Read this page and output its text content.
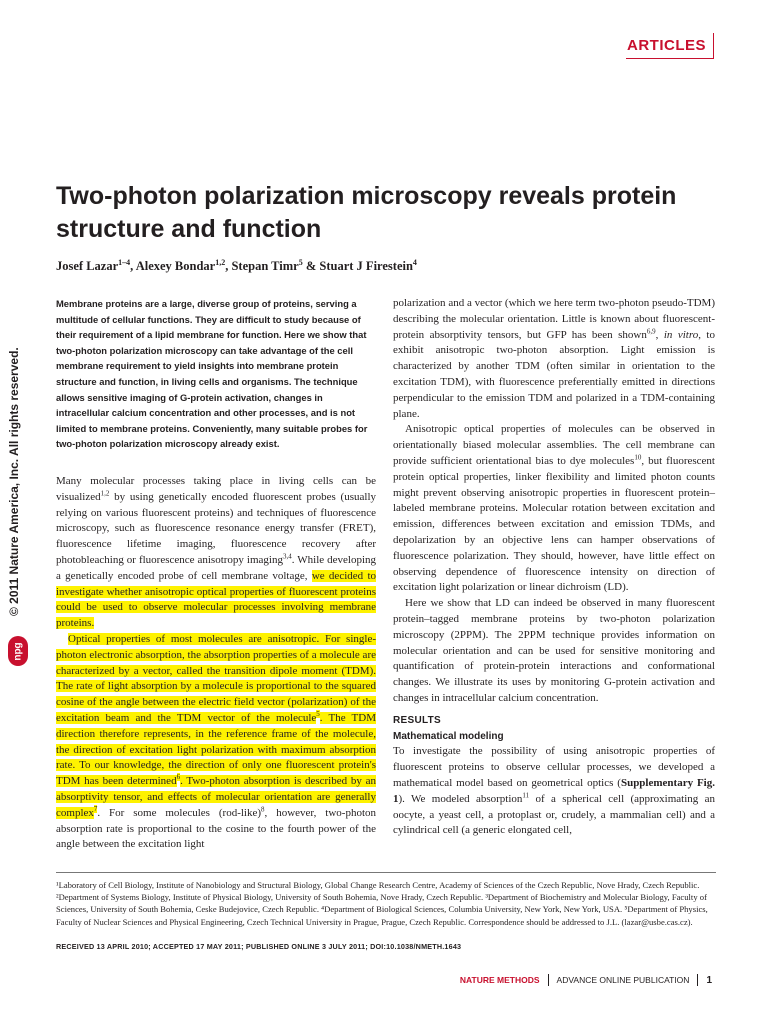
ARTICLES
© 2011 Nature America, Inc. All rights reserved.
npg
Two-photon polarization microscopy reveals protein structure and function
Josef Lazar$^{1-4}$, Alexey Bondar$^{1,2}$, Stepan Timr$^5$ & Stuart J Firestein$^4$

Membrane proteins are a large, diverse group of proteins, serving a multitude of cellular functions. They are difficult to study because of their requirement of a lipid membrane for function. Here we show that two-photon polarization microscopy can take advantage of the cell membrane requirement to yield insights into membrane protein structure and function, in living cells and organisms. The technique allows sensitive imaging of G-protein activation, changes in intracellular calcium concentration and other processes, and is not limited to membrane proteins. Conveniently, many suitable probes for two-photon polarization microscopy already exist.

Many molecular processes taking place in living cells can be visualized$^{1,2}$ by using genetically encoded fluorescent probes (usually relying on various fluorescent proteins) and techniques of fluorescence microscopy, such as fluorescence resonance energy transfer (FRET), fluorescence lifetime imaging, fluorescence recovery after photobleaching or fluorescence anisotropy imaging$^{3,4}$. While developing a genetically encoded probe of cell membrane voltage, we decided to investigate whether anisotropic optical properties of fluorescent proteins could be used to observe molecular processes involving membrane proteins.

Optical properties of most molecules are anisotropic. For single-photon electronic absorption, the absorption properties of a molecule are characterized by a vector, called the transition dipole moment (TDM). The rate of light absorption by a molecule is proportional to the squared cosine of the angle between the electric field vector (polarization) of the excitation beam and the TDM vector of the molecule$^5$. The TDM direction therefore represents, in the reference frame of the molecule, the direction of excitation light polarization with maximum absorption rate. To our knowledge, the direction of only one fluorescent protein's TDM has been determined$^6$. Two-photon absorption is described by an absorptivity tensor, and effects of molecular orientation are generally complex$^7$. For some molecules (rod-like)$^8$, however, two-photon absorption rate is proportional to the cosine to the fourth power of the angle between the excitation light

polarization and a vector (which we here term two-photon pseudo-TDM) describing the molecular orientation. Little is known about fluorescent-protein absorptivity tensors, but GFP has been shown$^{6,9}$, in vitro, to exhibit anisotropic two-photon absorption. Light emission is characterized by another TDM (often similar in orientation to the excitation TDM), with fluorescence preferentially emitted in directions perpendicular to the emission TDM and polarized in a TDM-containing plane.

Anisotropic optical properties of molecules can be observed in orientationally biased molecular assemblies. The cell membrane can provide sufficient orientational bias to dye molecules$^{10}$, but fluorescent protein optical properties, linker flexibility and limited photon counts might prevent observing anisotropic properties in fluorescent protein–labeled membrane proteins. Molecular rotation between excitation and emission, differences between excitation and emission TDMs, and depolarization by an objective lens can hamper observations of fluorescence polarization. They should, however, have little effect on observing dependence of fluorescence intensity on direction of excitation light polarization or linear dichroism (LD).

Here we show that LD can indeed be observed in many fluorescent protein–tagged membrane proteins by two-photon polarization microscopy (2PPM). The 2PPM technique provides information on molecular orientation and can be used for sensitive monitoring and quantification of protein-protein interactions and conformational changes. We illustrate its uses by monitoring G-protein activation and changes in intracellular calcium concentration.

RESULTS

Mathematical modeling

To investigate the possibility of using anisotropic properties of fluorescent proteins to observe cellular processes, we developed a mathematical model based on geometrical optics (Supplementary Fig. 1). We modeled absorption$^{11}$ of a spherical cell (approximating an oocyte, a yeast cell, a protoplast or, crudely, a mammalian cell) and a cylindrical cell (a generic elongated cell,

¹Laboratory of Cell Biology, Institute of Nanobiology and Structural Biology, Global Change Research Centre, Academy of Sciences of the Czech Republic, Nove Hrady, Czech Republic. ²Department of Systems Biology, Institute of Physical Biology, University of South Bohemia, Nove Hrady, Czech Republic. ³Department of Biochemistry and Molecular Biology, Faculty of Sciences, University of South Bohemia, Ceske Budejovice, Czech Republic. ⁴Department of Biological Sciences, Columbia University, New York, New York, USA. ⁵Department of Physics, Faculty of Nuclear Sciences and Physical Engineering, Czech Technical University in Prague, Prague, Czech Republic. Correspondence should be addressed to J.L. (lazar@usbe.cas.cz).

RECEIVED 13 APRIL 2010; ACCEPTED 17 MAY 2011; PUBLISHED ONLINE 3 JULY 2011; DOI:10.1038/NMETH.1643

NATURE METHODS ADVANCE ONLINE PUBLICATION 1
